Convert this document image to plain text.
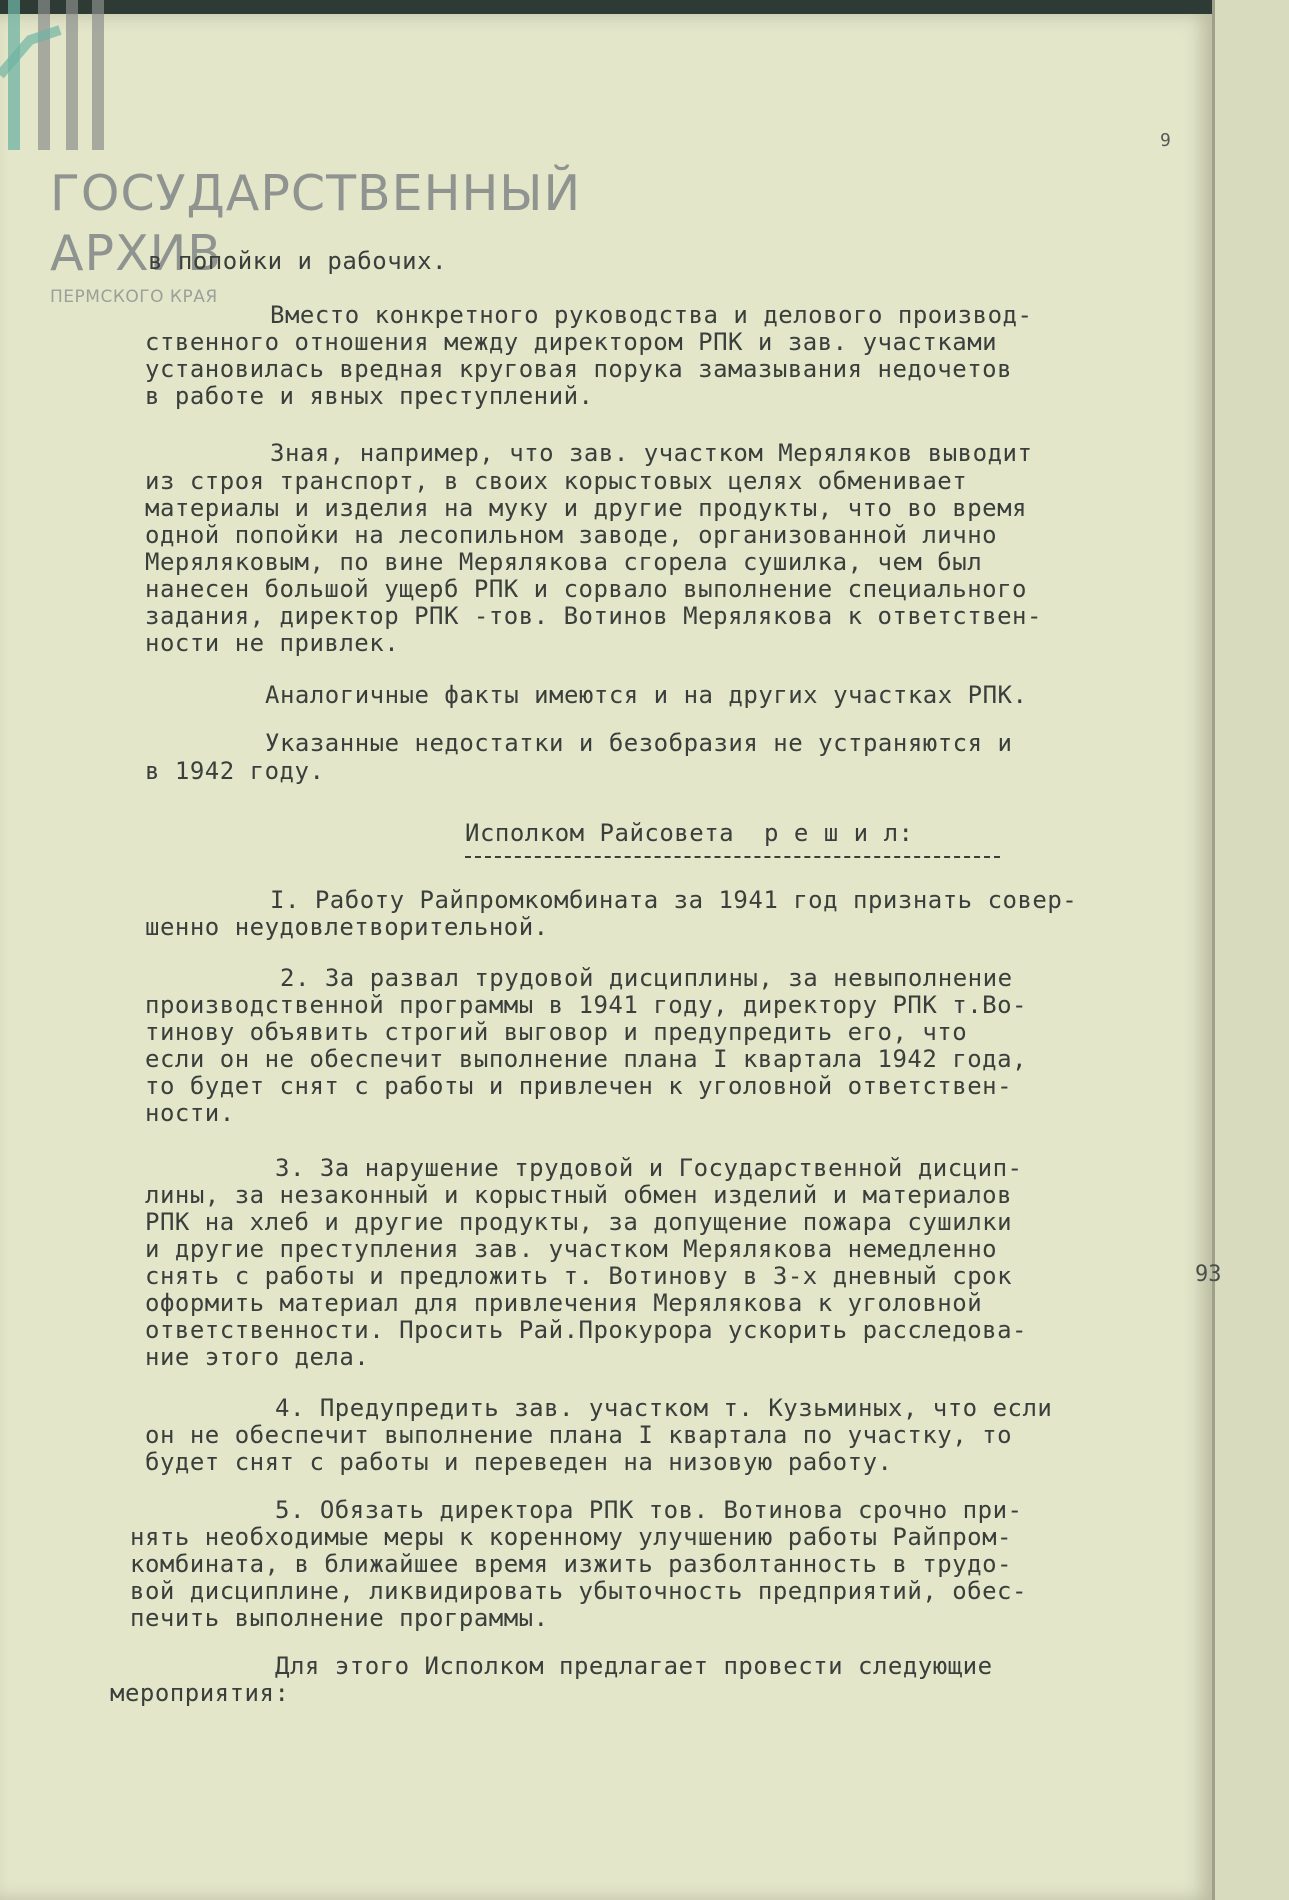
ГОСУДАРСТВЕННЫЙ
АРХИВ
ПЕРМСКОГО КРАЯ
9
в попойки и рабочих.
Вместо конкретного руководства и делового производ-
ственного отношения между директором РПК и зав. участками
установилась вредная круговая порука замазывания недочетов
в работе и явных преступлений.
Зная, например, что зав. участком Меряляков выводит
из строя транспорт, в своих корыстовых целях обменивает
материалы и изделия на муку и другие продукты, что во время
одной попойки на лесопильном заводе, организованной лично
Меряляковым, по вине Мерялякова сгорела сушилка, чем был
нанесен большой ущерб РПК и сорвало выполнение специального
задания, директор РПК -тов. Вотинов Мерялякова к ответствен-
ности не привлек.
Аналогичные факты имеются и на других участках РПК.
Указанные недостатки и безобразия не устраняются и
в 1942 году.
Исполком Райсовета  р е ш и л:
I. Работу Райпромкомбината за 1941 год признать совер-
шенно неудовлетворительной.
2. За развал трудовой дисциплины, за невыполнение
производственной программы в 1941 году, директору РПК т.Во-
тинову объявить строгий выговор и предупредить его, что
если он не обеспечит выполнение плана I квартала 1942 года,
то будет снят с работы и привлечен к уголовной ответствен-
ности.
3. За нарушение трудовой и Государственной дисцип-
лины, за незаконный и корыстный обмен изделий и материалов
РПК на хлеб и другие продукты, за допущение пожара сушилки
и другие преступления зав. участком Мерялякова немедленно
снять с работы и предложить т. Вотинову в 3-х дневный срок
оформить материал для привлечения Мерялякова к уголовной
ответственности. Просить Рай.Прокурора ускорить расследова-
ние этого дела.
4. Предупредить зав. участком т. Кузьминых, что если
он не обеспечит выполнение плана I квартала по участку, то
будет снят с работы и переведен на низовую работу.
5. Обязать директора РПК тов. Вотинова срочно при-
нять необходимые меры к коренному улучшению работы Райпром-
комбината, в ближайшее время изжить разболтанность в трудо-
вой дисциплине, ликвидировать убыточность предприятий, обес-
печить выполнение программы.
Для этого Исполком предлагает провести следующие
мероприятия:
93
